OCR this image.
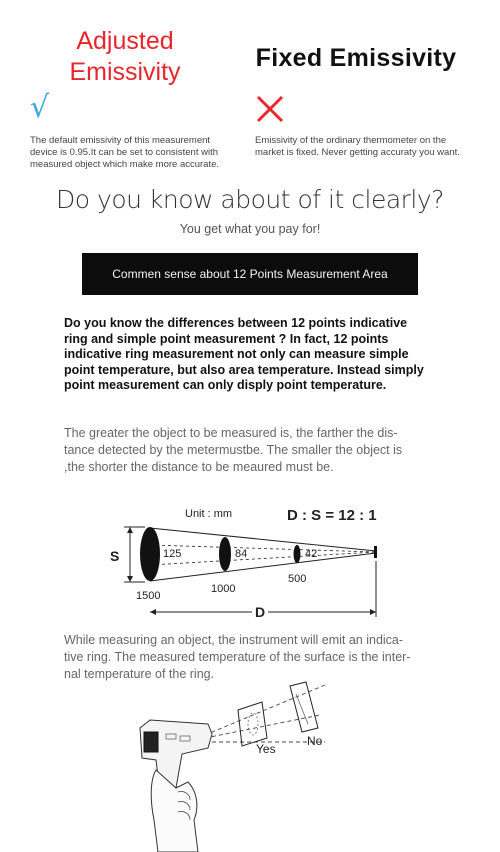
Adjusted
Emissivity	Fixed Emissivity
√
The default emissivity of this measurement
device is 0.95.It can be set to consistent with
measured object which make more accurate.
Emissivity of the ordinary thermometer on the
market is fixed. Never getting accuraty you want.
Do you know about of it clearly?
You get what you pay for!
Commen sense about 12 Points Measurement Area
Do you know the differences between 12 points indicative
ring and simple point measurement ? In fact, 12 points
indicative ring measurement not only can measure simple
point temperature, but also area temperature. Instead simply
point measurement can only disply point temperature.
The greater the object to be measured is, the farther the dis-
tance detected by the metermustbe. The smaller the object is
,the shorter the distance to be meaured must be.
Unit : mm	D : S = 12 : 1
S	125
1500
84
1000
42
500
D
While measuring an object, the instrument will emit an indica-
tive ring. The measured temperature of the surface is the inter-
nal temperature of the ring.
Yes
No
